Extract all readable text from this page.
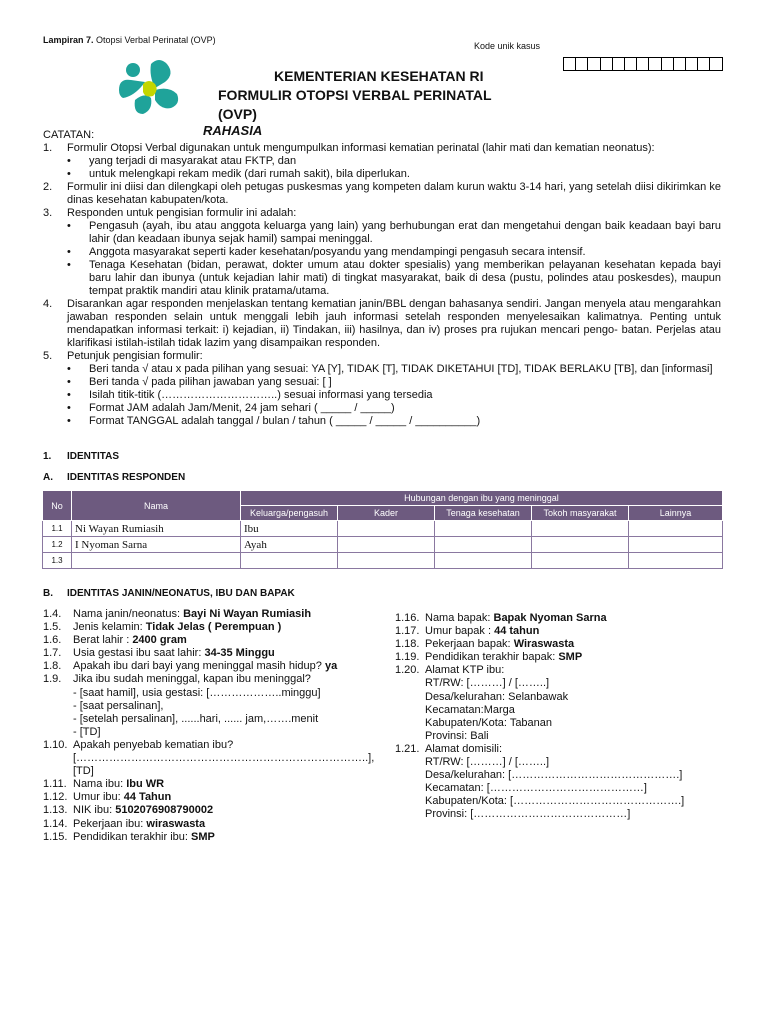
Lampiran 7. Otopsi Verbal Perinatal (OVP)
Kode unik kasus
KEMENTERIAN KESEHATAN RI
FORMULIR OTOPSI VERBAL PERINATAL
(OVP)
RAHASIA
CATATAN:
1.	Formulir Otopsi Verbal digunakan untuk mengumpulkan informasi kematian perinatal (lahir mati dan kematian neonatus):
•	yang terjadi di masyarakat atau FKTP, dan
•	untuk melengkapi rekam medik (dari rumah sakit), bila diperlukan.
2.	Formulir ini diisi dan dilengkapi oleh petugas puskesmas yang kompeten dalam kurun waktu 3-14 hari, yang setelah diisi dikirimkan ke dinas kesehatan kabupaten/kota.
3.	Responden untuk pengisian formulir ini adalah:
•	Pengasuh (ayah, ibu atau anggota keluarga yang lain) yang berhubungan erat dan mengetahui dengan baik keadaan bayi baru lahir (dan keadaan ibunya sejak hamil) sampai meninggal.
•	Anggota masyarakat seperti kader kesehatan/posyandu yang mendampingi pengasuh secara intensif.
•	Tenaga Kesehatan (bidan, perawat, dokter umum atau dokter spesialis) yang memberikan pelayanan kesehatan kepada bayi baru lahir dan ibunya (untuk kejadian lahir mati) di tingkat masyarakat, baik di desa (pustu, polindes atau poskesdes), maupun tempat praktik mandiri atau klinik pratama/utama.
4.	Disarankan agar responden menjelaskan tentang kematian janin/BBL dengan bahasanya sendiri. Jangan menyela atau mengarahkan jawaban responden selain untuk menggali lebih jauh informasi setelah responden menyelesaikan kalimatnya. Penting untuk mendapatkan informasi terkait: i) kejadian, ii) Tindakan, iii) hasilnya, dan iv) proses pra rujukan mencari pengo- batan. Perjelas atau klarifikasi istilah-istilah tidak lazim yang disampaikan responden.
5.	Petunjuk pengisian formulir:
•	Beri tanda √ atau x pada pilihan yang sesuai: YA [Y], TIDAK [T], TIDAK DIKETAHUI [TD], TIDAK BERLAKU [TB], dan [informasi]
•	Beri tanda √ pada pilihan jawaban yang sesuai: [ ]
•	Isilah titik-titik (…………………………..) sesuai informasi yang tersedia
•	Format JAM adalah Jam/Menit, 24 jam sehari ( _____ / _____)
•	Format TANGGAL adalah tanggal / bulan / tahun ( _____ / _____ / __________)
1. IDENTITAS
A. IDENTITAS RESPONDEN
No	Nama	Hubungan dengan ibu yang meninggal				
		Keluarga/pengasuh	Kader	Tenaga kesehatan	Tokoh masyarakat	Lainnya
1.1	Ni Wayan Rumiasih	Ibu				
1.2	I Nyoman Sarna	Ayah				
1.3						
B. IDENTITAS JANIN/NEONATUS, IBU DAN BAPAK
1.4.	Nama janin/neonatus:
Bayi Ni Wayan Rumiasih
1.5.	Jenis kelamin:
Tidak Jelas ( Perempuan )
1.6.	Berat lahir :
2400 gram
1.7.	Usia gestasi ibu saat lahir:
34-35 Minggu
1.8.	Apakah ibu dari bayi yang meninggal masih hidup?
ya
1.9.	Jika ibu sudah meninggal, kapan ibu meninggal?
- [saat hamil], usia gestasi: [………………..minggu]
- [saat persalinan],
- [setelah persalinan], ......hari, ...... jam,…….menit
- [TD]
1.10. Apakah penyebab kematian ibu?
[……………………………………………………………………..], [TD]
1.11. Nama ibu:
Ibu WR
1.12. Umur ibu:
44 Tahun
1.13. NIK ibu:
5102076908790002
1.14. Pekerjaan ibu:
wiraswasta
1.15. Pendidikan terakhir ibu:
SMP
1.16. Nama bapak:
Bapak Nyoman Sarna
1.17. Umur bapak :
44 tahun
1.18. Pekerjaan bapak:
Wiraswasta
1.19. Pendidikan terakhir bapak:
SMP
1.20. Alamat KTP ibu:
RT/RW: [………] / [……..]
Desa/kelurahan: Selanbawak
Kecamatan:Marga
Kabupaten/Kota: Tabanan
Provinsi: Bali
1.21. Alamat domisili:
RT/RW: [………] / [……..]
Desa/kelurahan: [……………………………………….]
Kecamatan: [……………………………………]
Kabupaten/Kota: [……………………………………….]
Provinsi: [……………………………………]
